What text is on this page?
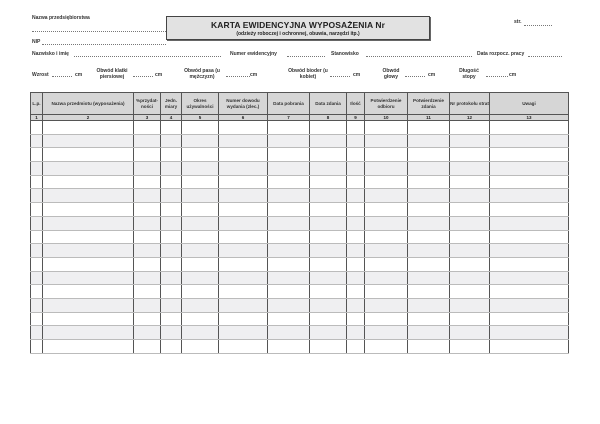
Nazwa przedsiębiorstwa
NIP
KARTA EWIDENCYJNA WYPOSAŻENIA Nr
(odzieży roboczej i ochronnej, obuwia, narzędzi itp.)
str.
Nazwisko i imię	Numer ewidencyjny	Stanowisko	Data rozpocz. pracy
Wzrost	cm
Obwód klatki piersiowej	cm
Obwód pasa (u mężczyzn)	cm
Obwód bioder (u kobiet)	cm
Obwód głowy	cm
Długość stopy	cm
L.p.	Nazwa przedmiotu (wyposażenia)	%przydat-ności	Jedn. miary	Okres używalności	Numer dowodu wydania (zlec.)	Data pobrania	Data zdania	Ilość	Potwierdzenie odbioru	Potwierdzenie zdania	Nr protokołu strat	Uwagi
1	2	3	4	5	6	7	8	9	10	11	12	13
